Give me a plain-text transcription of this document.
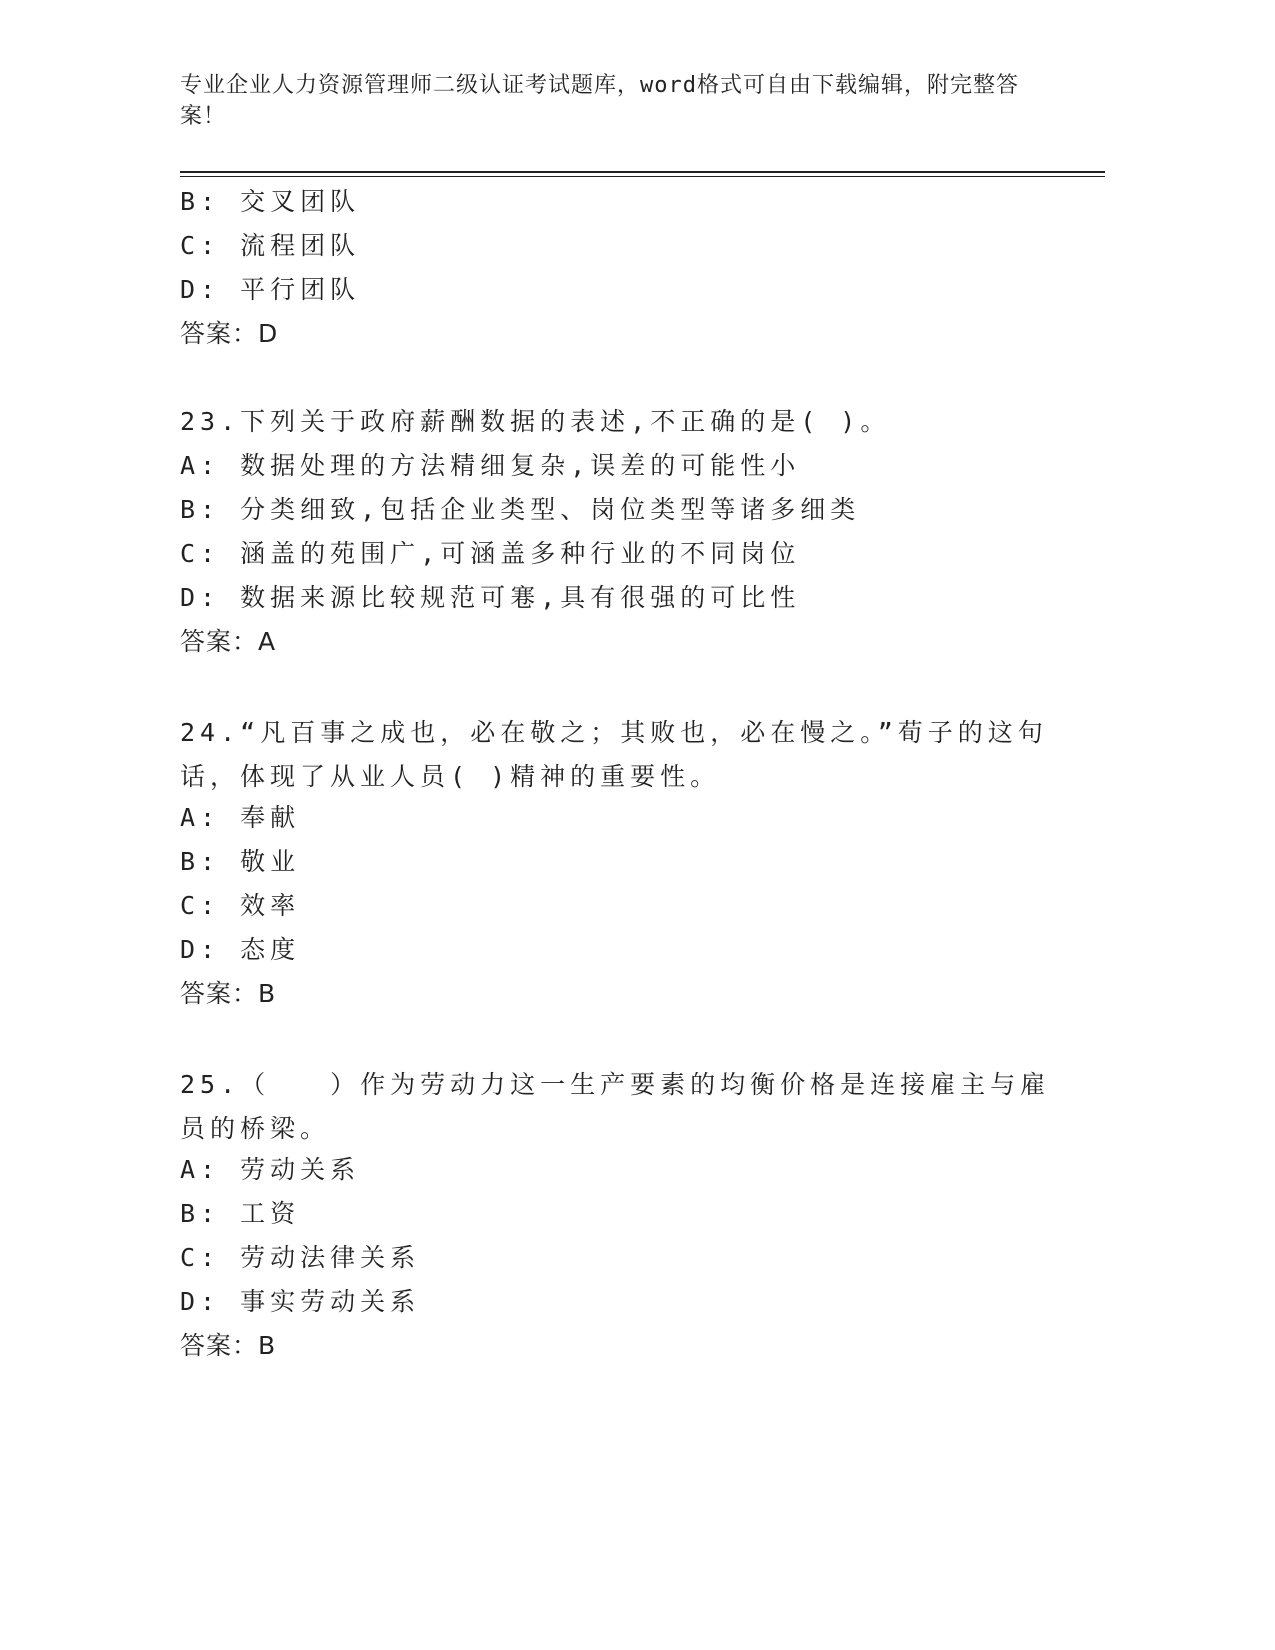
专业企业人力资源管理师二级认证考试题库，word格式可自由下载编辑，附完整答案！
B: 交叉团队
C: 流程团队
D: 平行团队
答案：D
23.下列关于政府薪酬数据的表述,不正确的是( )。
A: 数据处理的方法精细复杂,误差的可能性小
B: 分类细致,包括企业类型、岗位类型等诸多细类
C: 涵盖的苑围广,可涵盖多种行业的不同岗位
D: 数据来源比较规范可寋,具有很强的可比性
答案：A
24.“凡百事之成也，必在敬之；其败也，必在慢之。”荀子的这句话，体现了从业人员( )精神的重要性。
A: 奉献
B: 敬业
C: 效率
D: 态度
答案：B
25.（　　）作为劳动力这一生产要素的均衡价格是连接雇主与雇员的桥梁。
A: 劳动关系
B: 工资
C: 劳动法律关系
D: 事实劳动关系
答案：B
